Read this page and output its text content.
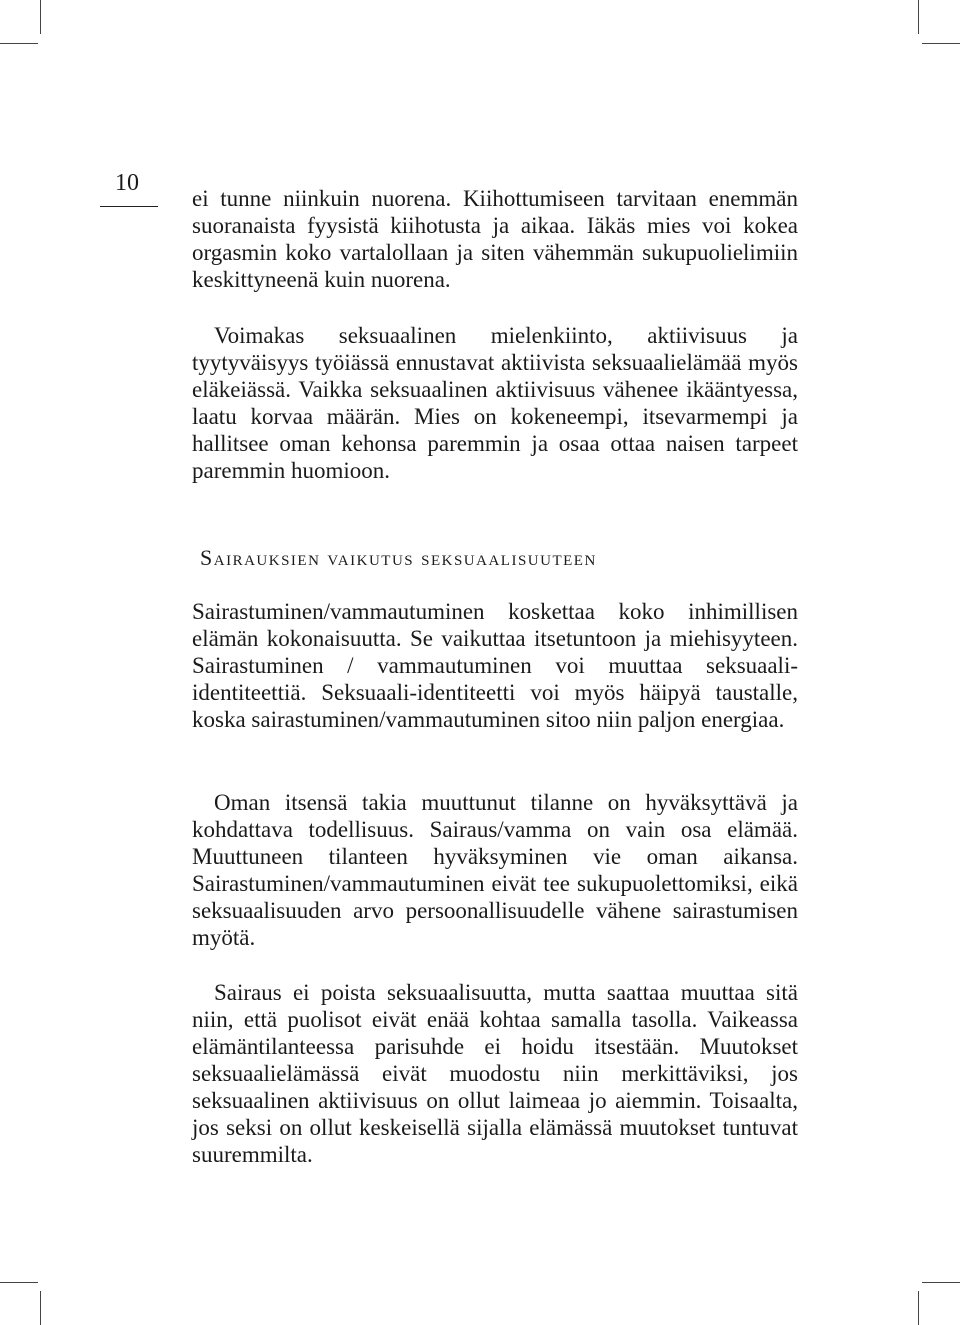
10

ei tunne niinkuin nuorena. Kiihottumiseen tarvitaan enemmän suoranaista fyysistä kiihotusta ja aikaa. Iäkäs mies voi kokea orgasmin koko vartalollaan ja siten vähemmän sukupuolielimiin keskittyneenä kuin nuorena.

Voimakas seksuaalinen mielenkiinto, aktiivisuus ja tyytyväisyys työiässä ennustavat aktiivista seksuaalielämää myös eläkeiässä. Vaikka seksuaalinen aktiivisuus vähenee ikääntyessa, laatu korvaa määrän. Mies on kokeneempi, itsevarmempi ja hallitsee oman kehonsa paremmin ja osaa ottaa naisen tarpeet paremmin huomioon.

Sairauksien vaikutus seksuaalisuuteen

Sairastuminen/vammautuminen koskettaa koko inhimillisen elämän kokonaisuutta. Se vaikuttaa itsetuntoon ja miehisyyteen. Sairastuminen / vammautuminen voi muuttaa seksuaali-identiteettiä. Seksuaali-identiteetti voi myös häipyä taustalle, koska sairastuminen/vammautuminen sitoo niin paljon energiaa.

Oman itsensä takia muuttunut tilanne on hyväksyttävä ja kohdattava todellisuus. Sairaus/vamma on vain osa elämää. Muuttuneen tilanteen hyväksyminen vie oman aikansa. Sairastuminen/vammautuminen eivät tee sukupuolettomiksi, eikä seksuaalisuuden arvo persoonallisuudelle vähene sairastumisen myötä.

Sairaus ei poista seksuaalisuutta, mutta saattaa muuttaa sitä niin, että puolisot eivät enää kohtaa samalla tasolla. Vaikeassa elämäntilanteessa parisuhde ei hoidu itsestään. Muutokset seksuaalielämässä eivät muodostu niin merkittäviksi, jos seksuaalinen aktiivisuus on ollut laimeaa jo aiemmin. Toisaalta, jos seksi on ollut keskeisellä sijalla elämässä muutokset tuntuvat suuremmilta.
